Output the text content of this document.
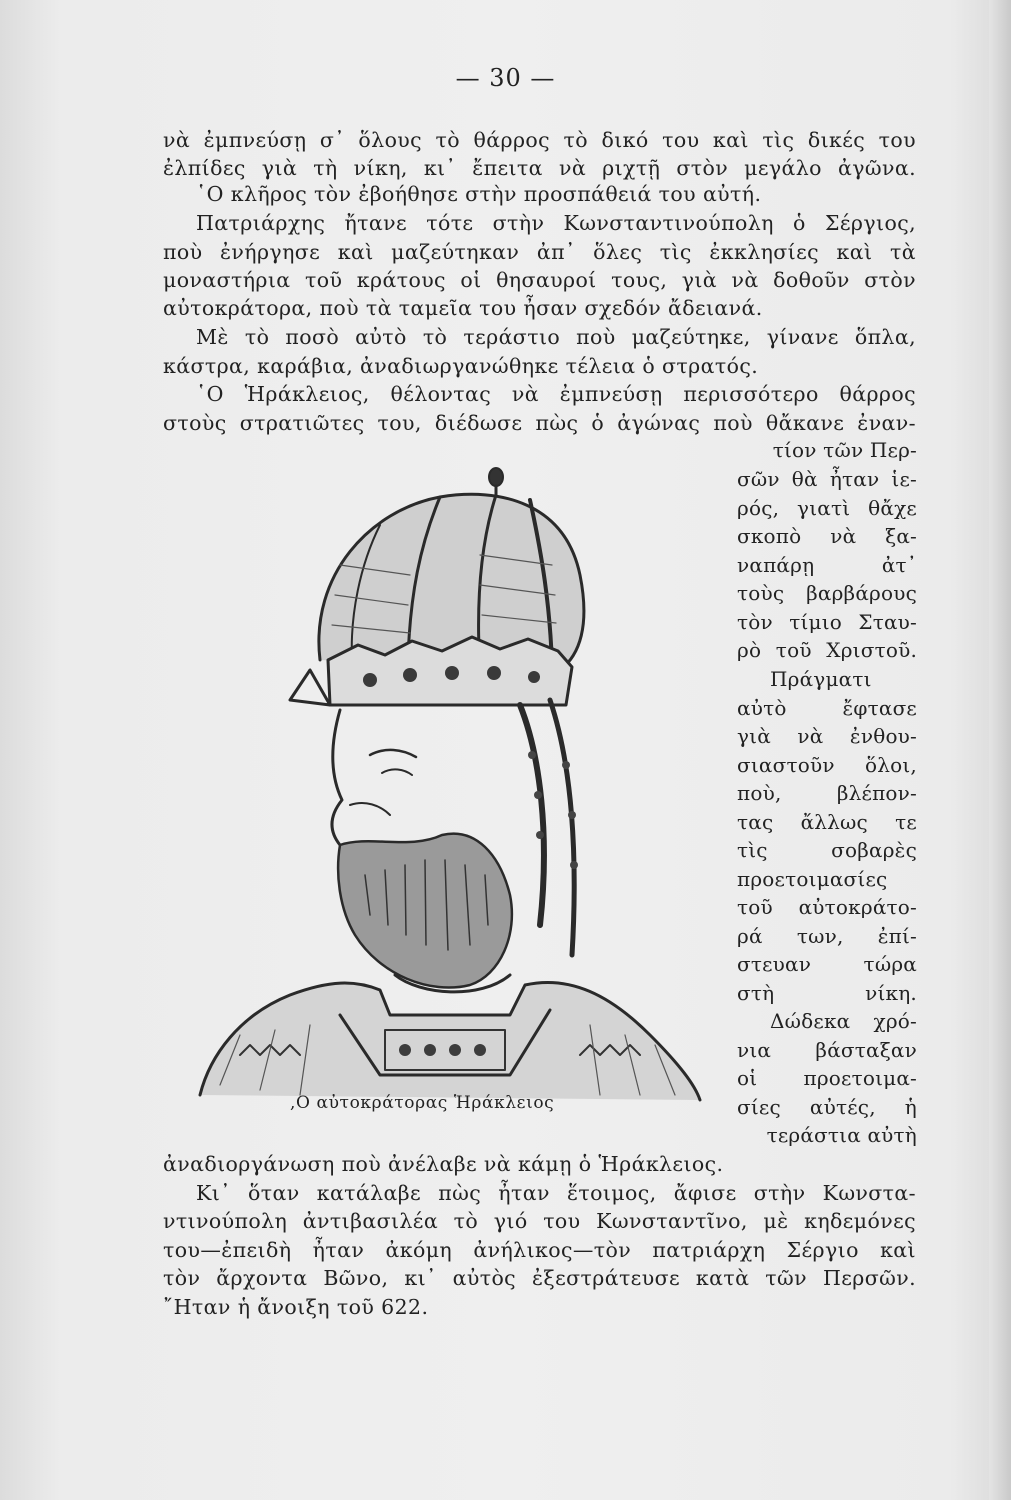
— 30 —

νὰ ἐμπνεύσῃ σ᾽ ὅλους τὸ θάρρος τὸ δικό του καὶ τὶς δικές του

ἐλπίδες γιὰ τὴ νίκη, κι᾽ ἔπειτα νὰ ριχτῇ στὸν μεγάλο ἀγῶνα.

῾Ο κλῆρος τὸν ἐβοήθησε στὴν προσπάθειά του αὐτή.

Πατριάρχης ἤτανε τότε στὴν Κωνσταντινούπολη ὁ Σέργιος,

ποὺ ἐνήργησε καὶ μαζεύτηκαν ἀπ᾽ ὅλες τὶς ἐκκλησίες καὶ τὰ

μοναστήρια τοῦ κράτους οἱ θησαυροί τους, γιὰ νὰ δοθοῦν στὸν

αὐτοκράτορα, ποὺ τὰ ταμεῖα του ἦσαν σχεδόν ἄδειανά.

Μὲ τὸ ποσὸ αὐτὸ τὸ τεράστιο ποὺ μαζεύτηκε, γίνανε ὅπλα,

κάστρα, καράβια, ἀναδιωργανώθηκε τέλεια ὁ στρατός.

῾Ο Ἡράκλειος, θέλοντας νὰ ἐμπνεύσῃ περισσότερο θάρρος

στοὺς στρατιῶτες του, διέδωσε πὼς ὁ ἀγώνας ποὺ θἄκανε ἐναν-

τίον τῶν Περ-

σῶν θὰ ἦταν ἱε-

ρός, γιατὶ θἄχε

σκοπὸ νὰ ξα-

ναπάρῃ ἀτ᾽

τοὺς βαρβάρους

τὸν τίμιο Σταυ-

ρὸ τοῦ Χριστοῦ.

Πράγματι

αὐτὸ ἔφτασε

γιὰ νὰ ἐνθου-

σιαστοῦν ὅλοι,

ποὺ, βλέπον-

τας ἄλλως τε

τὶς σοβαρὲς

προετοιμασίες

τοῦ αὐτοκράτο-

ρά των, ἐπί-

στευαν τώρα

στὴ νίκη.

Δώδεκα χρό-

νια βάσταξαν

οἱ προετοιμα-

σίες αὐτές, ἡ

τεράστια αὐτὴ

,Ο αὐτοκράτορας Ἡράκλειος

ἀναδιοργάνωση ποὺ ἀνέλαβε νὰ κάμῃ ὁ Ἡράκλειος.

Κι᾽ ὅταν κατάλαβε πὼς ἦταν ἕτοιμος, ἄφισε στὴν Κωνστα-

ντινούπολη ἀντιβασιλέα τὸ γιό του Κωνσταντῖνο, μὲ κηδεμόνες

του—ἐπειδὴ ἦταν ἀκόμη ἀνήλικος—τὸν πατριάρχη Σέργιο καὶ

τὸν ἄρχοντα Βῶνο, κι᾽ αὐτὸς ἐξεστράτευσε κατὰ τῶν Περσῶν.

῎Ηταν ἡ ἄνοιξη τοῦ 622.
